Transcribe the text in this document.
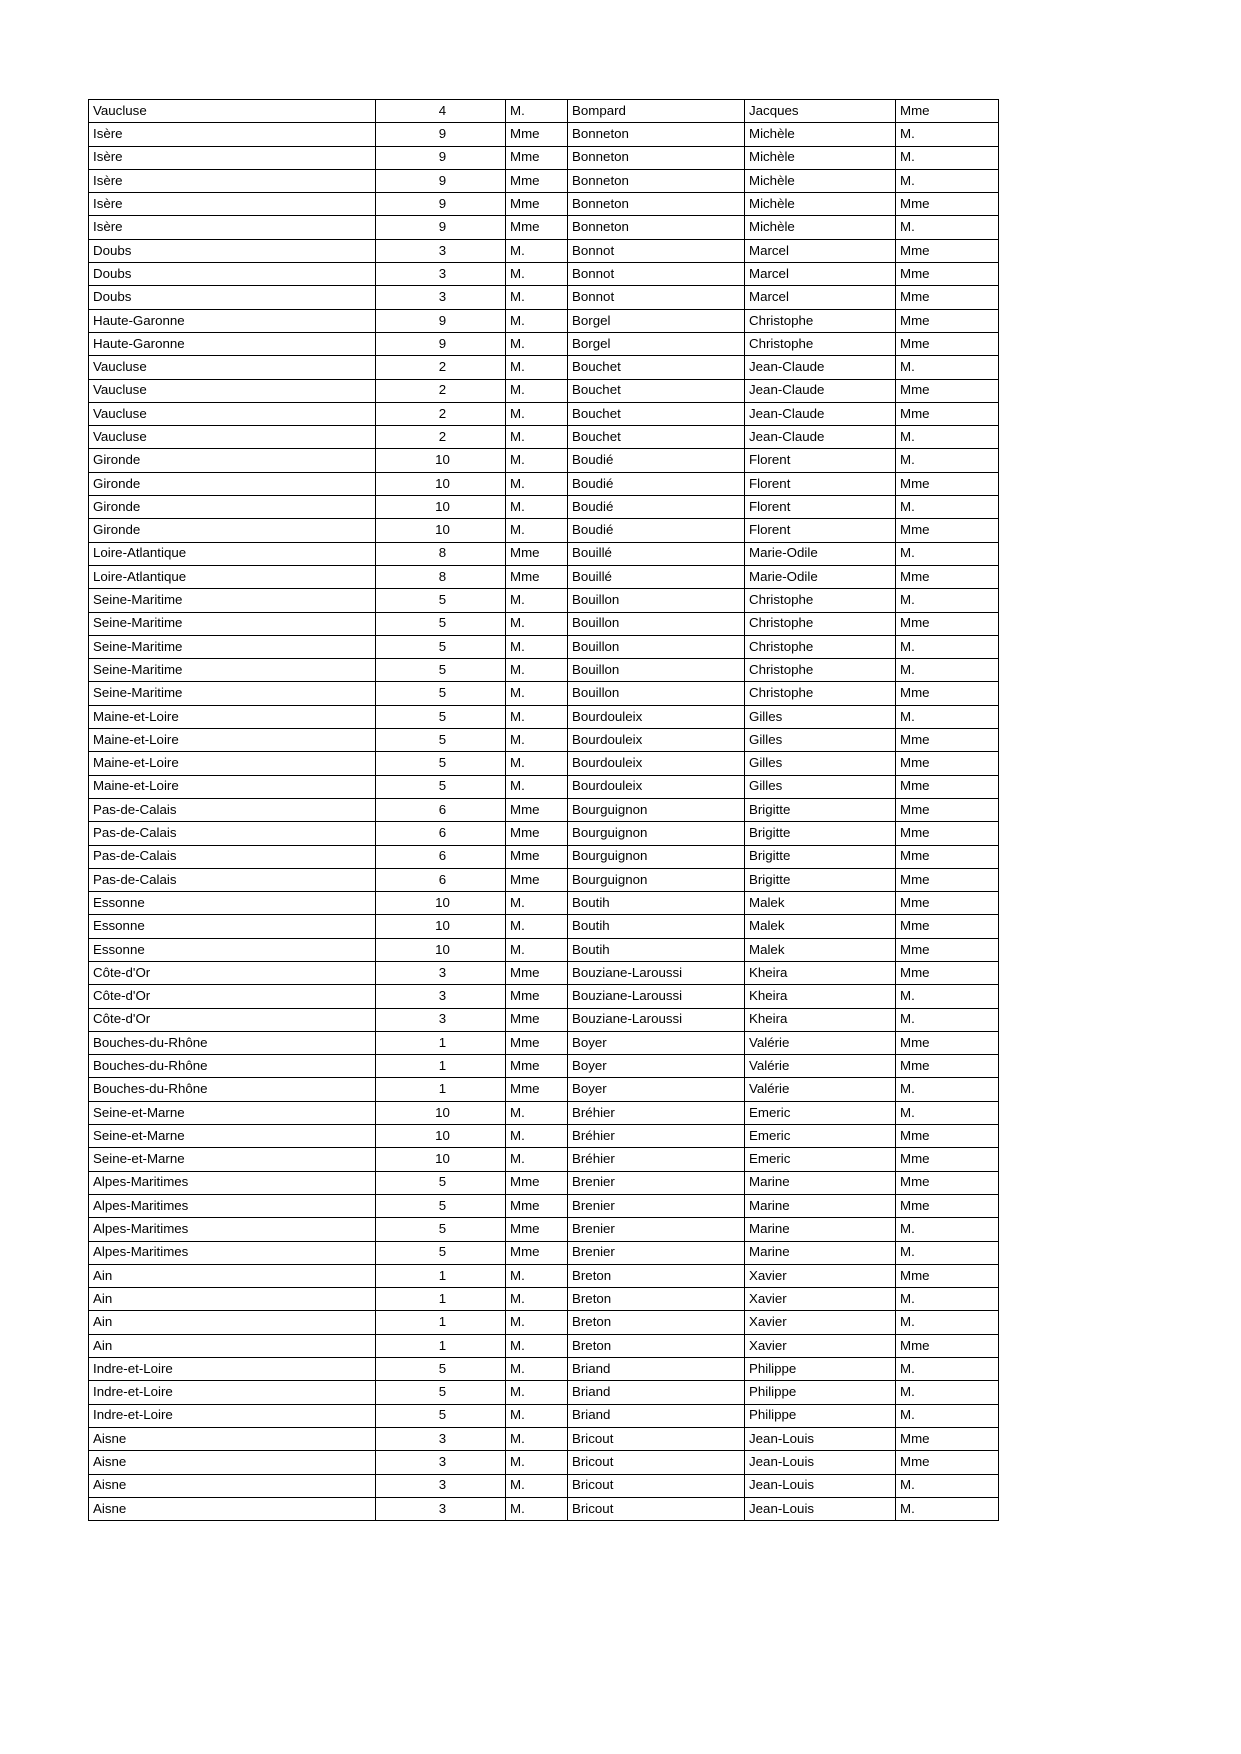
Vaucluse	4	M.	Bompard	Jacques	Mme
Isère	9	Mme	Bonneton	Michèle	M.
Isère	9	Mme	Bonneton	Michèle	M.
Isère	9	Mme	Bonneton	Michèle	M.
Isère	9	Mme	Bonneton	Michèle	Mme
Isère	9	Mme	Bonneton	Michèle	M.
Doubs	3	M.	Bonnot	Marcel	Mme
Doubs	3	M.	Bonnot	Marcel	Mme
Doubs	3	M.	Bonnot	Marcel	Mme
Haute-Garonne	9	M.	Borgel	Christophe	Mme
Haute-Garonne	9	M.	Borgel	Christophe	Mme
Vaucluse	2	M.	Bouchet	Jean-Claude	M.
Vaucluse	2	M.	Bouchet	Jean-Claude	Mme
Vaucluse	2	M.	Bouchet	Jean-Claude	Mme
Vaucluse	2	M.	Bouchet	Jean-Claude	M.
Gironde	10	M.	Boudié	Florent	M.
Gironde	10	M.	Boudié	Florent	Mme
Gironde	10	M.	Boudié	Florent	M.
Gironde	10	M.	Boudié	Florent	Mme
Loire-Atlantique	8	Mme	Bouillé	Marie-Odile	M.
Loire-Atlantique	8	Mme	Bouillé	Marie-Odile	Mme
Seine-Maritime	5	M.	Bouillon	Christophe	M.
Seine-Maritime	5	M.	Bouillon	Christophe	Mme
Seine-Maritime	5	M.	Bouillon	Christophe	M.
Seine-Maritime	5	M.	Bouillon	Christophe	M.
Seine-Maritime	5	M.	Bouillon	Christophe	Mme
Maine-et-Loire	5	M.	Bourdouleix	Gilles	M.
Maine-et-Loire	5	M.	Bourdouleix	Gilles	Mme
Maine-et-Loire	5	M.	Bourdouleix	Gilles	Mme
Maine-et-Loire	5	M.	Bourdouleix	Gilles	Mme
Pas-de-Calais	6	Mme	Bourguignon	Brigitte	Mme
Pas-de-Calais	6	Mme	Bourguignon	Brigitte	Mme
Pas-de-Calais	6	Mme	Bourguignon	Brigitte	Mme
Pas-de-Calais	6	Mme	Bourguignon	Brigitte	Mme
Essonne	10	M.	Boutih	Malek	Mme
Essonne	10	M.	Boutih	Malek	Mme
Essonne	10	M.	Boutih	Malek	Mme
Côte-d'Or	3	Mme	Bouziane-Laroussi	Kheira	Mme
Côte-d'Or	3	Mme	Bouziane-Laroussi	Kheira	M.
Côte-d'Or	3	Mme	Bouziane-Laroussi	Kheira	M.
Bouches-du-Rhône	1	Mme	Boyer	Valérie	Mme
Bouches-du-Rhône	1	Mme	Boyer	Valérie	Mme
Bouches-du-Rhône	1	Mme	Boyer	Valérie	M.
Seine-et-Marne	10	M.	Bréhier	Emeric	M.
Seine-et-Marne	10	M.	Bréhier	Emeric	Mme
Seine-et-Marne	10	M.	Bréhier	Emeric	Mme
Alpes-Maritimes	5	Mme	Brenier	Marine	Mme
Alpes-Maritimes	5	Mme	Brenier	Marine	Mme
Alpes-Maritimes	5	Mme	Brenier	Marine	M.
Alpes-Maritimes	5	Mme	Brenier	Marine	M.
Ain	1	M.	Breton	Xavier	Mme
Ain	1	M.	Breton	Xavier	M.
Ain	1	M.	Breton	Xavier	M.
Ain	1	M.	Breton	Xavier	Mme
Indre-et-Loire	5	M.	Briand	Philippe	M.
Indre-et-Loire	5	M.	Briand	Philippe	M.
Indre-et-Loire	5	M.	Briand	Philippe	M.
Aisne	3	M.	Bricout	Jean-Louis	Mme
Aisne	3	M.	Bricout	Jean-Louis	Mme
Aisne	3	M.	Bricout	Jean-Louis	M.
Aisne	3	M.	Bricout	Jean-Louis	M.
